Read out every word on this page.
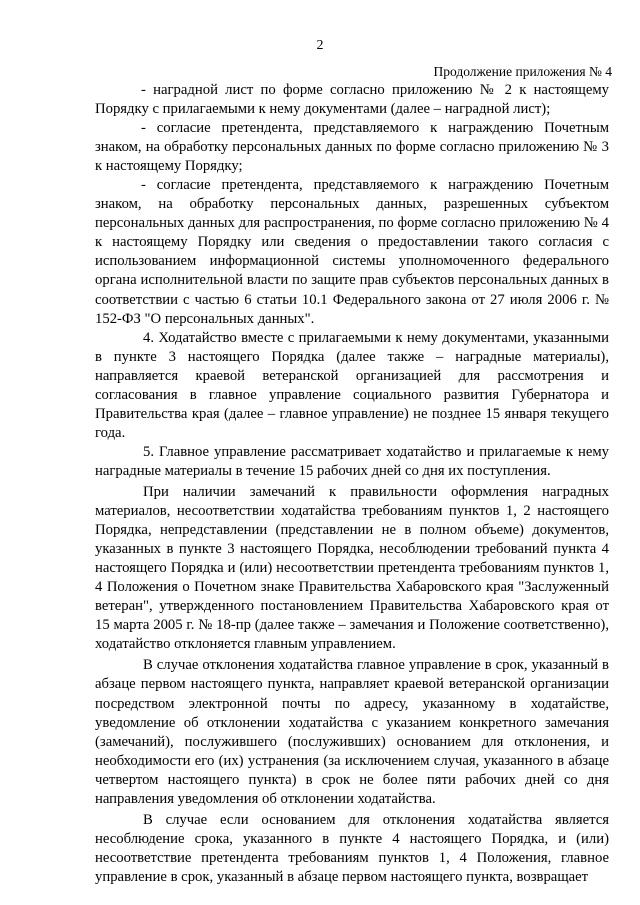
2
Продолжение приложения № 4

- наградной лист по форме согласно приложению № 2 к настоящему Порядку с прилагаемыми к нему документами (далее – наградной лист);

- согласие претендента, представляемого к награждению Почетным знаком, на обработку персональных данных по форме согласно приложению № 3 к настоящему Порядку;

- согласие претендента, представляемого к награждению Почетным знаком, на обработку персональных данных, разрешенных субъектом персональных данных для распространения, по форме согласно приложению № 4 к настоящему Порядку или сведения о предоставлении такого согласия с использованием информационной системы уполномоченного федерального органа исполнительной власти по защите прав субъектов персональных данных в соответствии с частью 6 статьи 10.1 Федерального закона от 27 июля 2006 г. № 152-ФЗ "О персональных данных".

4. Ходатайство вместе с прилагаемыми к нему документами, указанными в пункте 3 настоящего Порядка (далее также – наградные материалы), направляется краевой ветеранской организацией для рассмотрения и согласования в главное управление социального развития Губернатора и Правительства края (далее – главное управление) не позднее 15 января текущего года.

5. Главное управление рассматривает ходатайство и прилагаемые к нему наградные материалы в течение 15 рабочих дней со дня их поступления.

При наличии замечаний к правильности оформления наградных материалов, несоответствии ходатайства требованиям пунктов 1, 2 настоящего Порядка, непредставлении (представлении не в полном объеме) документов, указанных в пункте 3 настоящего Порядка, несоблюдении требований пункта 4 настоящего Порядка и (или) несоответствии претендента требованиям пунктов 1, 4 Положения о Почетном знаке Правительства Хабаровского края "Заслуженный ветеран", утвержденного постановлением Правительства Хабаровского края от 15 марта 2005 г. № 18-пр (далее также – замечания и Положение соответственно), ходатайство отклоняется главным управлением.

В случае отклонения ходатайства главное управление в срок, указанный в абзаце первом настоящего пункта, направляет краевой ветеранской организации посредством электронной почты по адресу, указанному в ходатайстве, уведомление об отклонении ходатайства с указанием конкретного замечания (замечаний), послужившего (послуживших) основанием для отклонения, и необходимости его (их) устранения (за исключением случая, указанного в абзаце четвертом настоящего пункта) в срок не более пяти рабочих дней со дня направления уведомления об отклонении ходатайства.

В случае если основанием для отклонения ходатайства является несоблюдение срока, указанного в пункте 4 настоящего Порядка, и (или) несоответствие претендента требованиям пунктов 1, 4 Положения, главное управление в срок, указанный в абзаце первом настоящего пункта, возвращает
